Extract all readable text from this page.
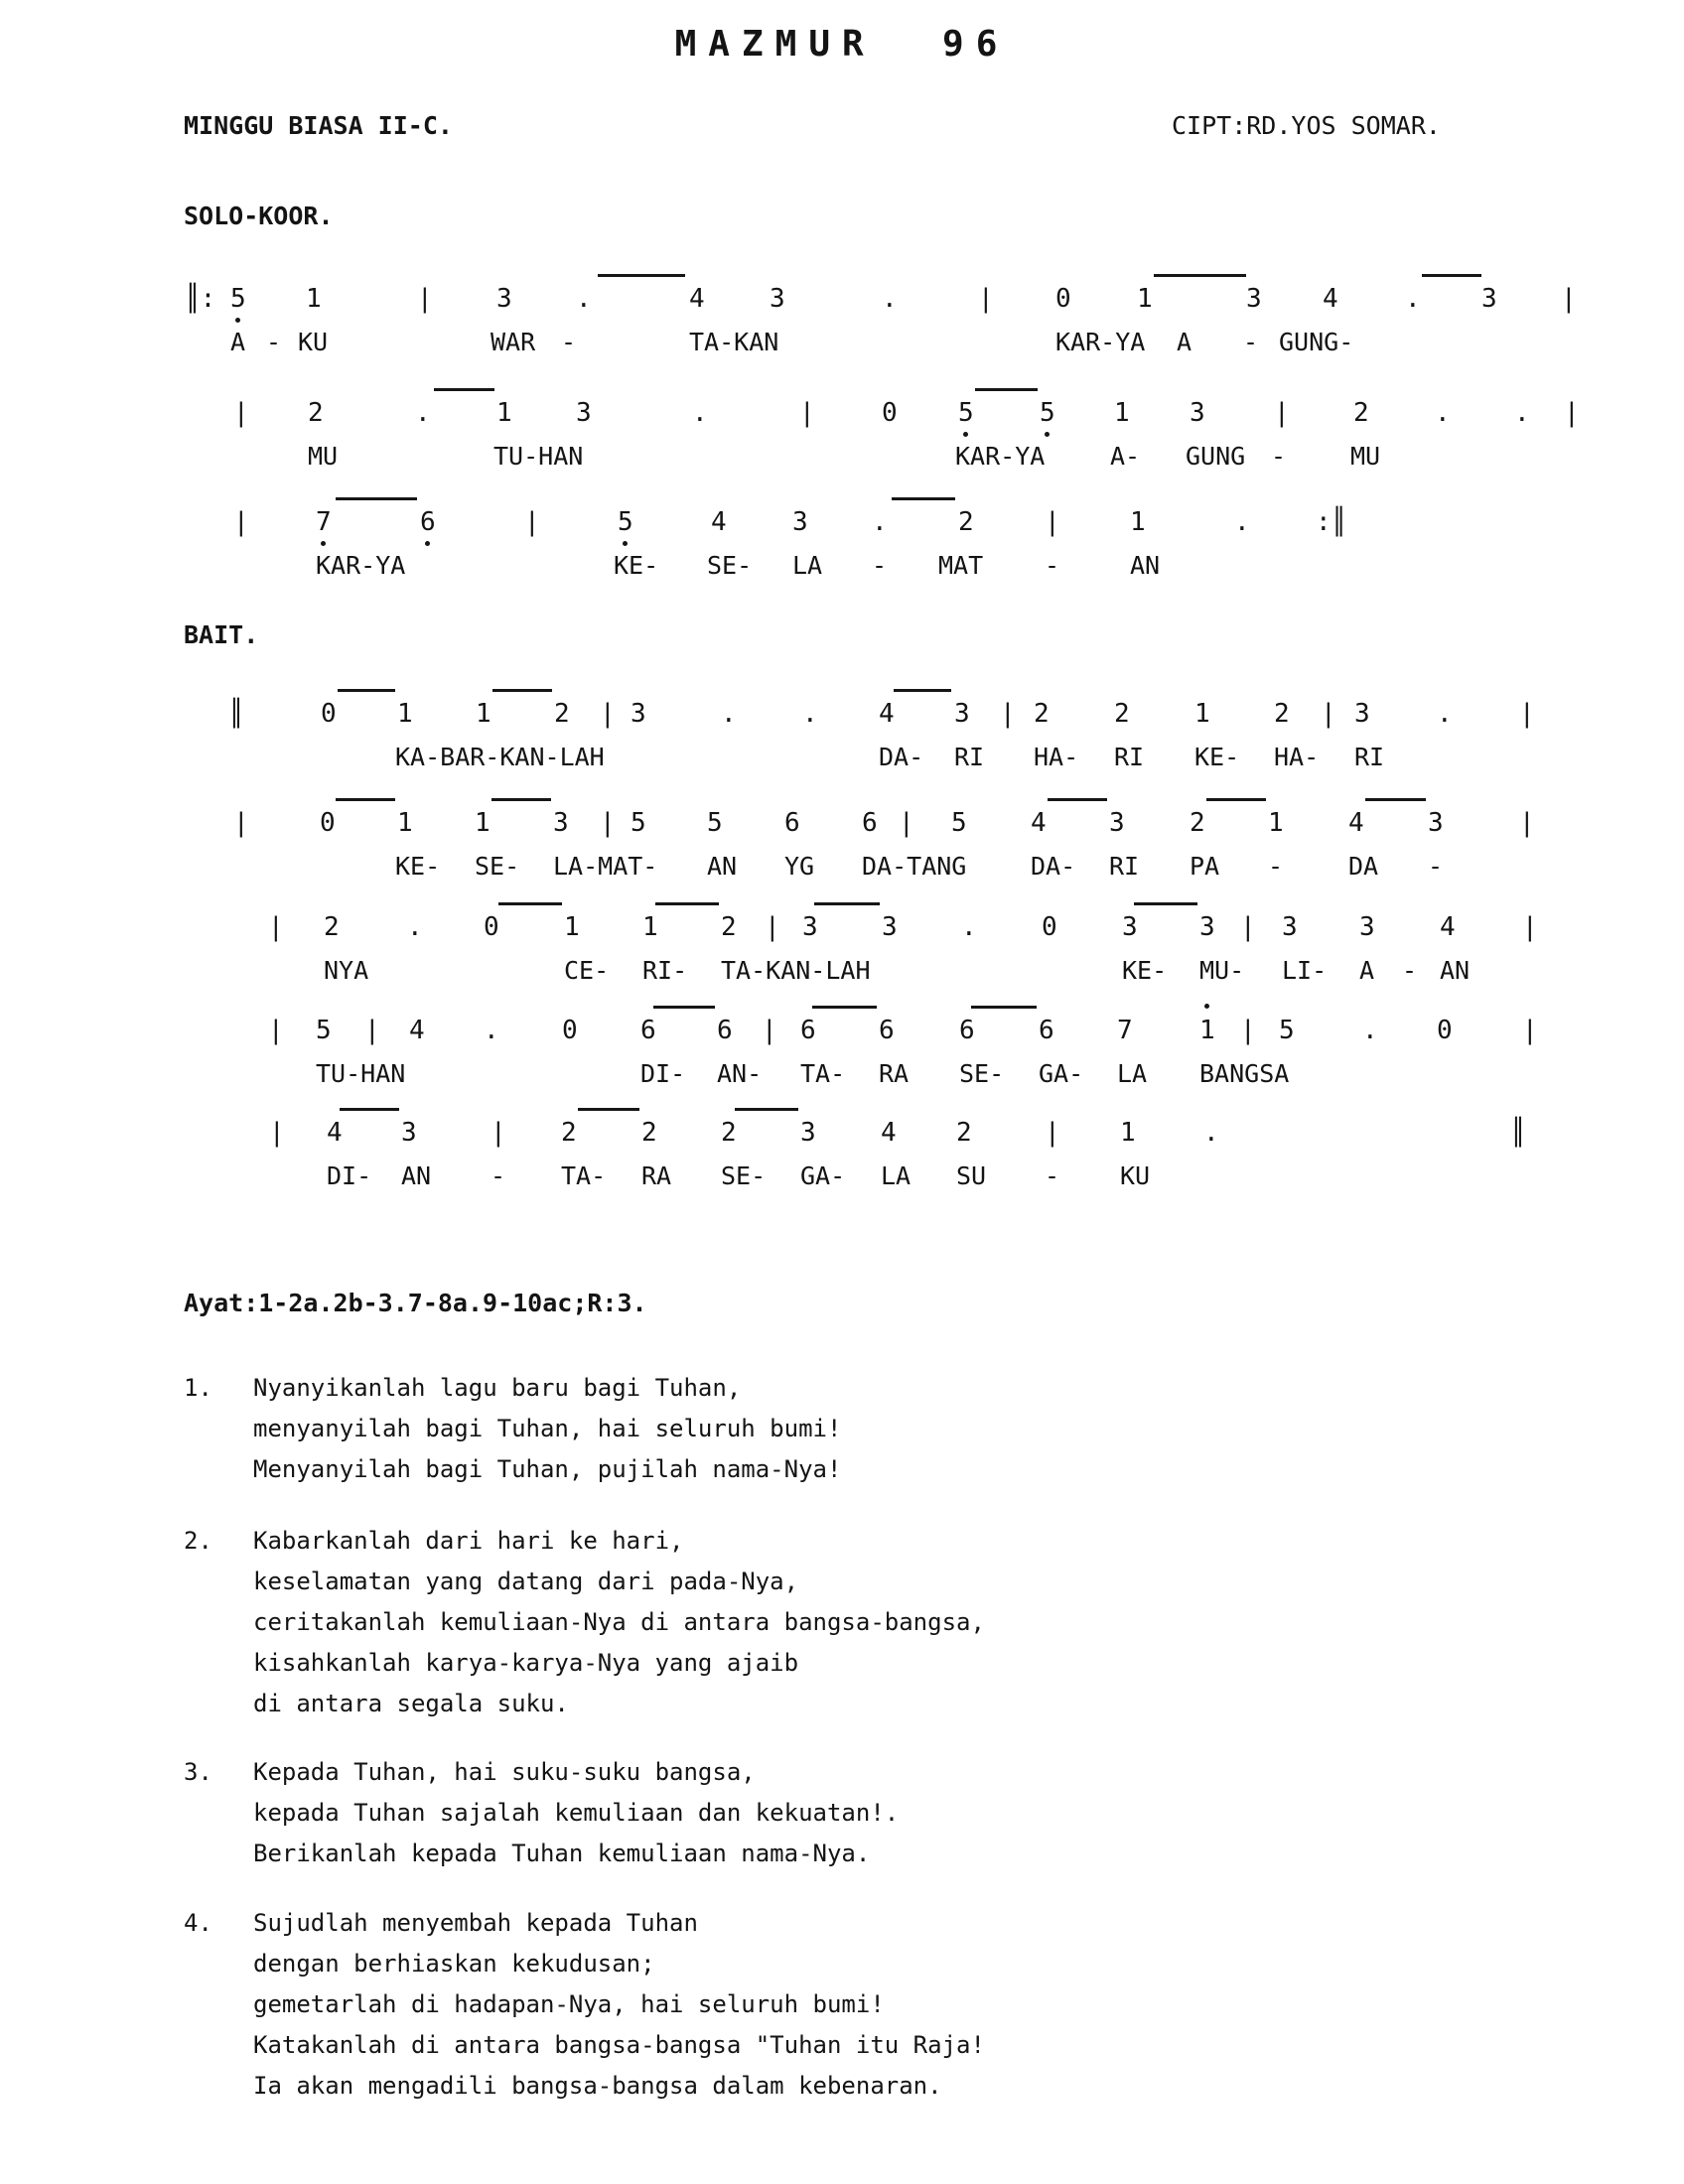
MAZMUR  96
MINGGU BIASA II-C.	CIPT:RD.YOS SOMAR.
SOLO-KOOR.
BAIT.
║: 5 1	| 3 .	4	3	.	| 0	1	3 4	. 3 |
A - KU	WAR -	TA-KAN	KAR-YA A - GUNG-
| 2	.	1 3	.	|	0 5	5 1 3	| 2	. . |
MU	TU-HAN	KAR-YA	A- GUNG -	MU
|	7	6	|	5	4	3 .	2	|	1	.	:║
KAR-YA	KE- SE- LA - MAT -	AN
║	0 1 1 2 | 3	.	. 4 3 | 2	2	1 2 | 3	.	|
KA-BAR-KAN-LAH	DA- RI HA- RI KE- HA- RI
|	0 1 1 3 | 5 5 6 6 | 5 4 3	2 1	4 3	|
KE- SE- LA-MAT- AN YG DA-TANG	DA- RI PA -	DA -
| 2	. 0	1 1 2 | 3 3 .	0	3 3 | 3 3	4	|
NYA	CE- RI- TA-KAN-LAH	KE- MU- LI- A - AN
| 5 | 4 . 0 6 6 | 6 6	6 6 7	1 | 5	. 0	|
TU-HAN	DI- AN- TA- RA SE- GA- LA BANGSA
| 4 3	| 2	2 2 3	4 2	| 1	.	║
DI- AN - TA- RA SE- GA- LA SU - KU
Ayat:1-2a.2b-3.7-8a.9-10ac;R:3.
1. Nyanyikanlah lagu baru bagi Tuhan,
menyanyilah bagi Tuhan, hai seluruh bumi!
Menyanyilah bagi Tuhan, pujilah nama-Nya!
2. Kabarkanlah dari hari ke hari,
keselamatan yang datang dari pada-Nya,
ceritakanlah kemuliaan-Nya di antara bangsa-bangsa,
kisahkanlah karya-karya-Nya yang ajaib
di antara segala suku.
3. Kepada Tuhan, hai suku-suku bangsa,
kepada Tuhan sajalah kemuliaan dan kekuatan!.
Berikanlah kepada Tuhan kemuliaan nama-Nya.
4. Sujudlah menyembah kepada Tuhan
dengan berhiaskan kekudusan;
gemetarlah di hadapan-Nya, hai seluruh bumi!
Katakanlah di antara bangsa-bangsa "Tuhan itu Raja!
Ia akan mengadili bangsa-bangsa dalam kebenaran.
